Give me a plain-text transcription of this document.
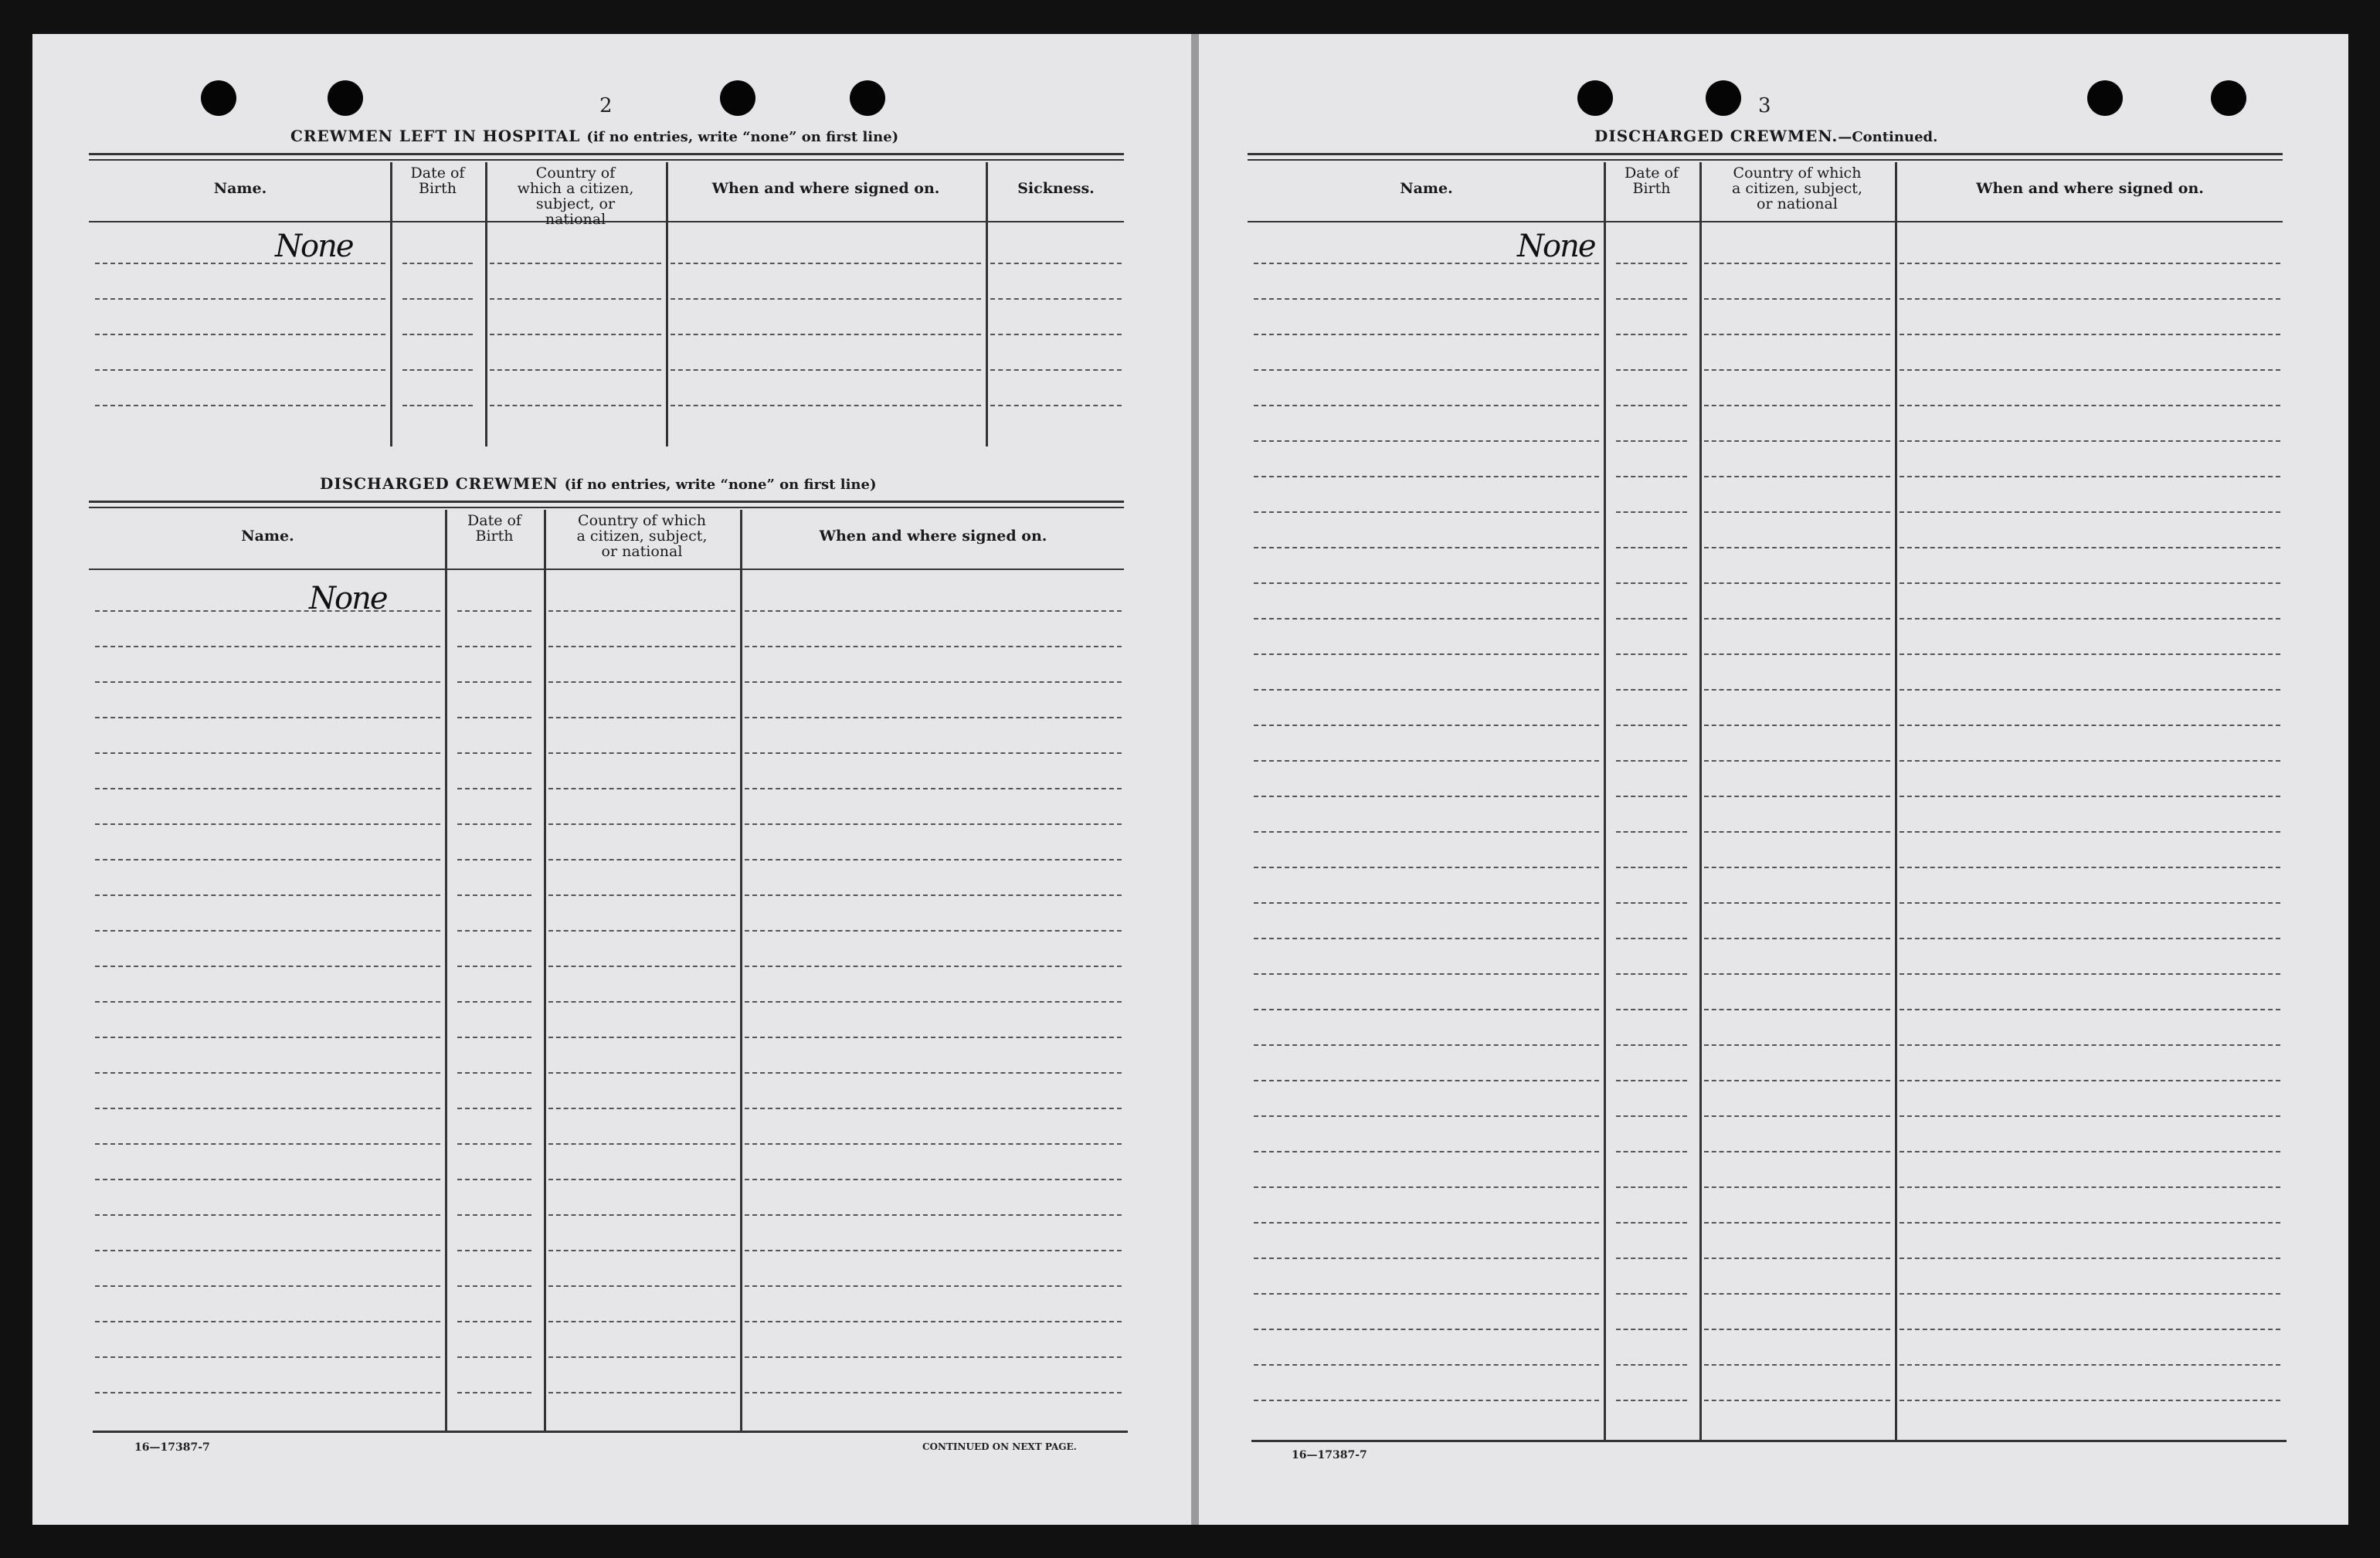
2
CREWMEN LEFT IN HOSPITAL (if no entries, write “none” on first line)
Name.
Date of Birth
Country of which a citizen, subject, or national
When and where signed on.	Sickness.
None
DISCHARGED CREWMEN (if no entries, write “none” on first line)
Name.
Date of Birth
Country of which a citizen, subject, or national
When and where signed on.
None
16—17387-7	CONTINUED ON NEXT PAGE.
3
DISCHARGED CREWMEN.—Continued.
Name.
Date of Birth
Country of which a citizen, subject, or national
When and where signed on.
None
16—17387-7
